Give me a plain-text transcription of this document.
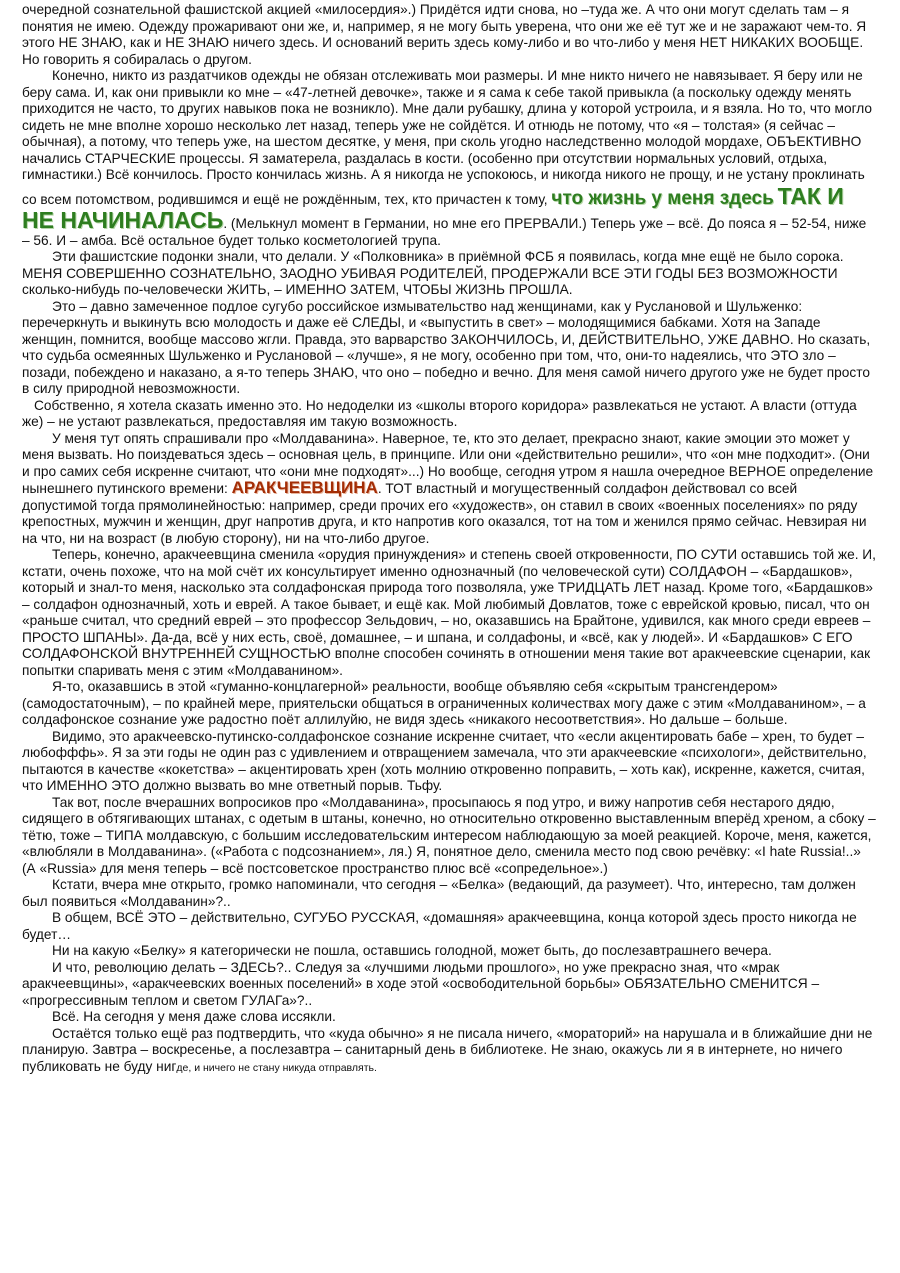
очередной сознательной фашистской акцией «милосердия».) Придётся идти снова, но –туда же. А что они могут сделать там – я понятия не имею. Одежду прожаривают они же, и, например, я не могу быть уверена, что они же её тут же и не заражают чем-то. Я этого НЕ ЗНАЮ, как и НЕ ЗНАЮ ничего здесь. И оснований верить здесь кому-либо и во что-либо у меня НЕТ НИКАКИХ ВООБЩЕ. Но говорить я собиралась о другом.

Конечно, никто из раздатчиков одежды не обязан отслеживать мои размеры. И мне никто ничего не навязывает. Я беру или не беру сама. И, как они привыкли ко мне – «47-летней девочке», также и я сама к себе такой привыкла (а поскольку одежду менять приходится не часто, то других навыков пока не возникло). Мне дали рубашку, длина у которой устроила, и я взяла. Но то, что могло сидеть не мне вполне хорошо несколько лет назад, теперь уже не сойдётся. И отнюдь не потому, что «я – толстая» (я сейчас – обычная), а потому, что теперь уже, на шестом десятке, у меня, при сколь угодно наследственно молодой мордахе, ОБЪЕКТИВНО начались СТАРЧЕСКИЕ процессы. Я заматерела, раздалась в кости. (особенно при отсутствии нормальных условий, отдыха, гимнастики.) Всё кончилось. Просто кончилась жизнь. А я никогда не успокоюсь, и никогда никого не прощу, и не устану проклинать со всем потомством, родившимся и ещё не рождённым, тех, кто причастен к тому, что жизнь у меня здесь ТАК И НЕ НАЧИНАЛАСЬ. (Мелькнул момент в Германии, но мне его ПРЕРВАЛИ.) Теперь уже – всё. До пояса я – 52-54, ниже – 56. И – амба. Всё остальное будет только косметологией трупа.

Эти фашистские подонки знали, что делали. У «Полковника» в приёмной ФСБ я появилась, когда мне ещё не было сорока. МЕНЯ СОВЕРШЕННО СОЗНАТЕЛЬНО, ЗАОДНО УБИВАЯ РОДИТЕЛЕЙ, ПРОДЕРЖАЛИ ВСЕ ЭТИ ГОДЫ БЕЗ ВОЗМОЖНОСТИ сколько-нибудь по-человечески ЖИТЬ, – ИМЕННО ЗАТЕМ, ЧТОБЫ ЖИЗНЬ ПРОШЛА.

Это – давно замеченное подлое сугубо российское измывательство над женщинами, как у Руслановой и Шульженко: перечеркнуть и выкинуть всю молодость и даже её СЛЕДЫ, и «выпустить в свет» – молодящимися бабками. Хотя на Западе женщин, помнится, вообще массово жгли. Правда, это варварство ЗАКОНЧИЛОСЬ, И, ДЕЙСТВИТЕЛЬНО, УЖЕ ДАВНО. Но сказать, что судьба осмеянных Шульженко и Руслановой – «лучше», я не могу, особенно при том, что, они-то надеялись, что ЭТО зло – позади, побеждено и наказано, а я-то теперь ЗНАЮ, что оно – победно и вечно. Для меня самой ничего другого уже не будет просто в силу природной невозможности.

Собственно, я хотела сказать именно это. Но недоделки из «школы второго коридора» развлекаться не устают. А власти (оттуда же) – не устают развлекаться, предоставляя им такую возможность.

У меня тут опять спрашивали про «Молдаванина». Наверное, те, кто это делает, прекрасно знают, какие эмоции это может у меня вызвать. Но поиздеваться здесь – основная цель, в принципе. Или они «действительно решили», что «он мне подходит». (Они и про самих себя искренне считают, что «они мне подходят»...) Но вообще, сегодня утром я нашла очередное ВЕРНОЕ определение нынешнего путинского времени: АРАКЧЕЕВЩИНА. ТОТ властный и могущественный солдафон действовал со всей допустимой тогда прямолинейностью: например, среди прочих его «художеств», он ставил в своих «военных поселениях» по ряду крепостных, мужчин и женщин, друг напротив друга, и кто напротив кого оказался, тот на том и женился прямо сейчас. Невзирая ни на что, ни на возраст (в любую сторону), ни на что-либо другое.

Теперь, конечно, аракчеевщина сменила «орудия принуждения» и степень своей откровенности, ПО СУТИ оставшись той же. И, кстати, очень похоже, что на мой счёт их консультирует именно однозначный (по человеческой сути) СОЛДАФОН – «Бардашков», который и знал-то меня, насколько эта солдафонская природа того позволяла, уже ТРИДЦАТЬ ЛЕТ назад. Кроме того, «Бардашков» – солдафон однозначный, хоть и еврей. А такое бывает, и ещё как. Мой любимый Довлатов, тоже с еврейской кровью, писал, что он «раньше считал, что средний еврей – это профессор Зельдович, – но, оказавшись на Брайтоне, удивился, как много среди евреев – ПРОСТО ШПАНЫ». Да-да, всё у них есть, своё, домашнее, – и шпана, и солдафоны, и «всё, как у людей». И «Бардашков» С ЕГО СОЛДАФОНСКОЙ ВНУТРЕННЕЙ СУЩНОСТЬЮ вполне способен сочинять в отношении меня такие вот аракчеевские сценарии, как попытки спаривать меня с этим «Молдаванином».

Я-то, оказавшись в этой «гуманно-концлагерной» реальности, вообще объявляю себя «скрытым трансгендером» (самодостаточным), – по крайней мере, приятельски общаться в ограниченных количествах могу даже с этим «Молдаванином», – а солдафонское сознание уже радостно поёт аллилуйю, не видя здесь «никакого несоответствия». Но дальше – больше.

Видимо, это аракчеевско-путинско-солдафонское сознание искренне считает, что «если акцентировать бабе – хрен, то будет – любофффь». Я за эти годы не один раз с удивлением и отвращением замечала, что эти аракчеевские «психологи», действительно, пытаются в качестве «кокетства» – акцентировать хрен (хоть молнию откровенно поправить, – хоть как), искренне, кажется, считая, что ИМЕННО ЭТО должно вызвать во мне ответный порыв. Тьфу.

Так вот, после вчерашних вопросиков про «Молдаванина», просыпаюсь я под утро, и вижу напротив себя нестарого дядю, сидящего в обтягивающих штанах, с одетым в штаны, конечно, но относительно откровенно выставленным вперёд хреном, а сбоку – тётю, тоже – ТИПА молдавскую, с большим исследовательским интересом наблюдающую за моей реакцией. Короче, меня, кажется, «влюбляли в Молдаванина». («Работа с подсознанием», ля.) Я, понятное дело, сменила место под свою речёвку: «I hate Russia!..» (А «Russia» для меня теперь – всё постсоветское пространство плюс всё «сопредельное».)

Кстати, вчера мне открыто, громко напоминали, что сегодня – «Белка» (ведающий, да разумеет). Что, интересно, там должен был появиться «Молдаванин»?..

В общем, ВСЁ ЭТО – действительно, СУГУБО РУССКАЯ, «домашняя» аракчеевщина, конца которой здесь просто никогда не будет…

Ни на какую «Белку» я категорически не пошла, оставшись голодной, может быть, до послезавтрашнего вечера.

И что, революцию делать – ЗДЕСЬ?.. Следуя за «лучшими людьми прошлого», но уже прекрасно зная, что «мрак аракчеевщины», «аракчеевских военных поселений» в ходе этой «освободительной борьбы» ОБЯЗАТЕЛЬНО СМЕНИТСЯ – «прогрессивным теплом и светом ГУЛАГа»?..

Всё. На сегодня у меня даже слова иссякли.

Остаётся только ещё раз подтвердить, что «куда обычно» я не писала ничего, «мораторий» на нарушала и в ближайшие дни не планирую. Завтра – воскресенье, а послезавтра – санитарный день в библиотеке. Не знаю, окажусь ли я в интернете, но ничего публиковать не буду нигде, и ничего не стану никуда отправлять.
